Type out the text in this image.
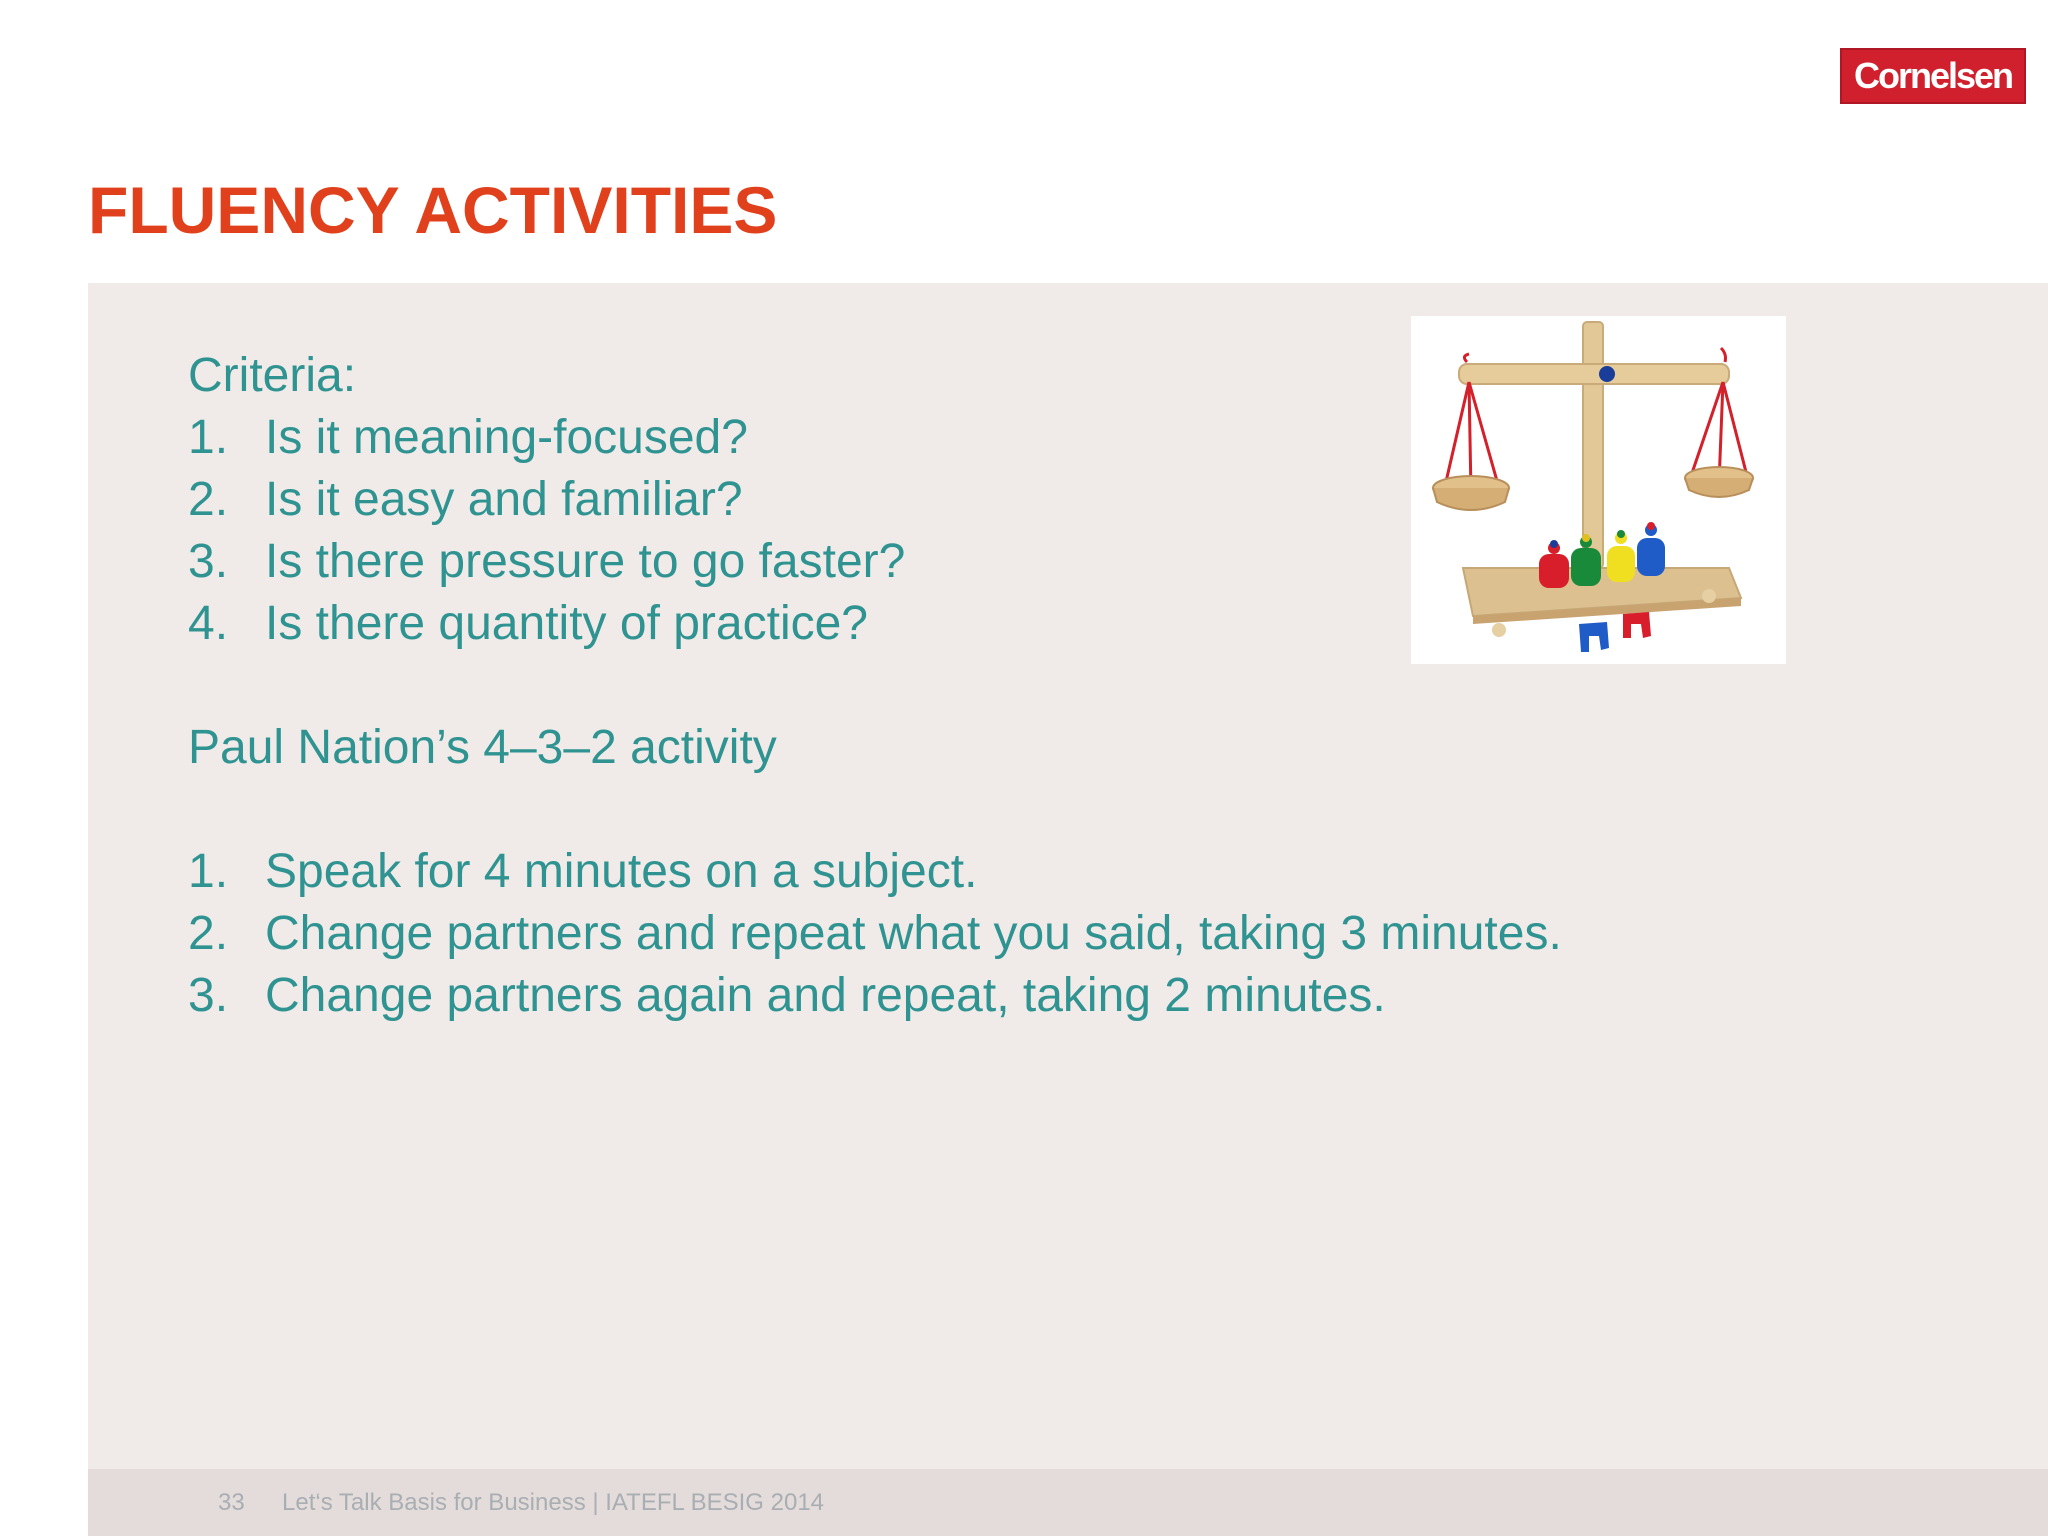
Cornelsen
FLUENCY ACTIVITIES
Criteria:
1. Is it meaning-focused?
2. Is it easy and familiar?
3. Is there pressure to go faster?
4. Is there quantity of practice?
Paul Nation’s 4–3–2 activity
1. Speak for 4 minutes on a subject.
2. Change partners and repeat what you said, taking 3 minutes.
3. Change partners again and repeat, taking 2 minutes.
33 Let‘s Talk Basis for Business | IATEFL BESIG 2014
